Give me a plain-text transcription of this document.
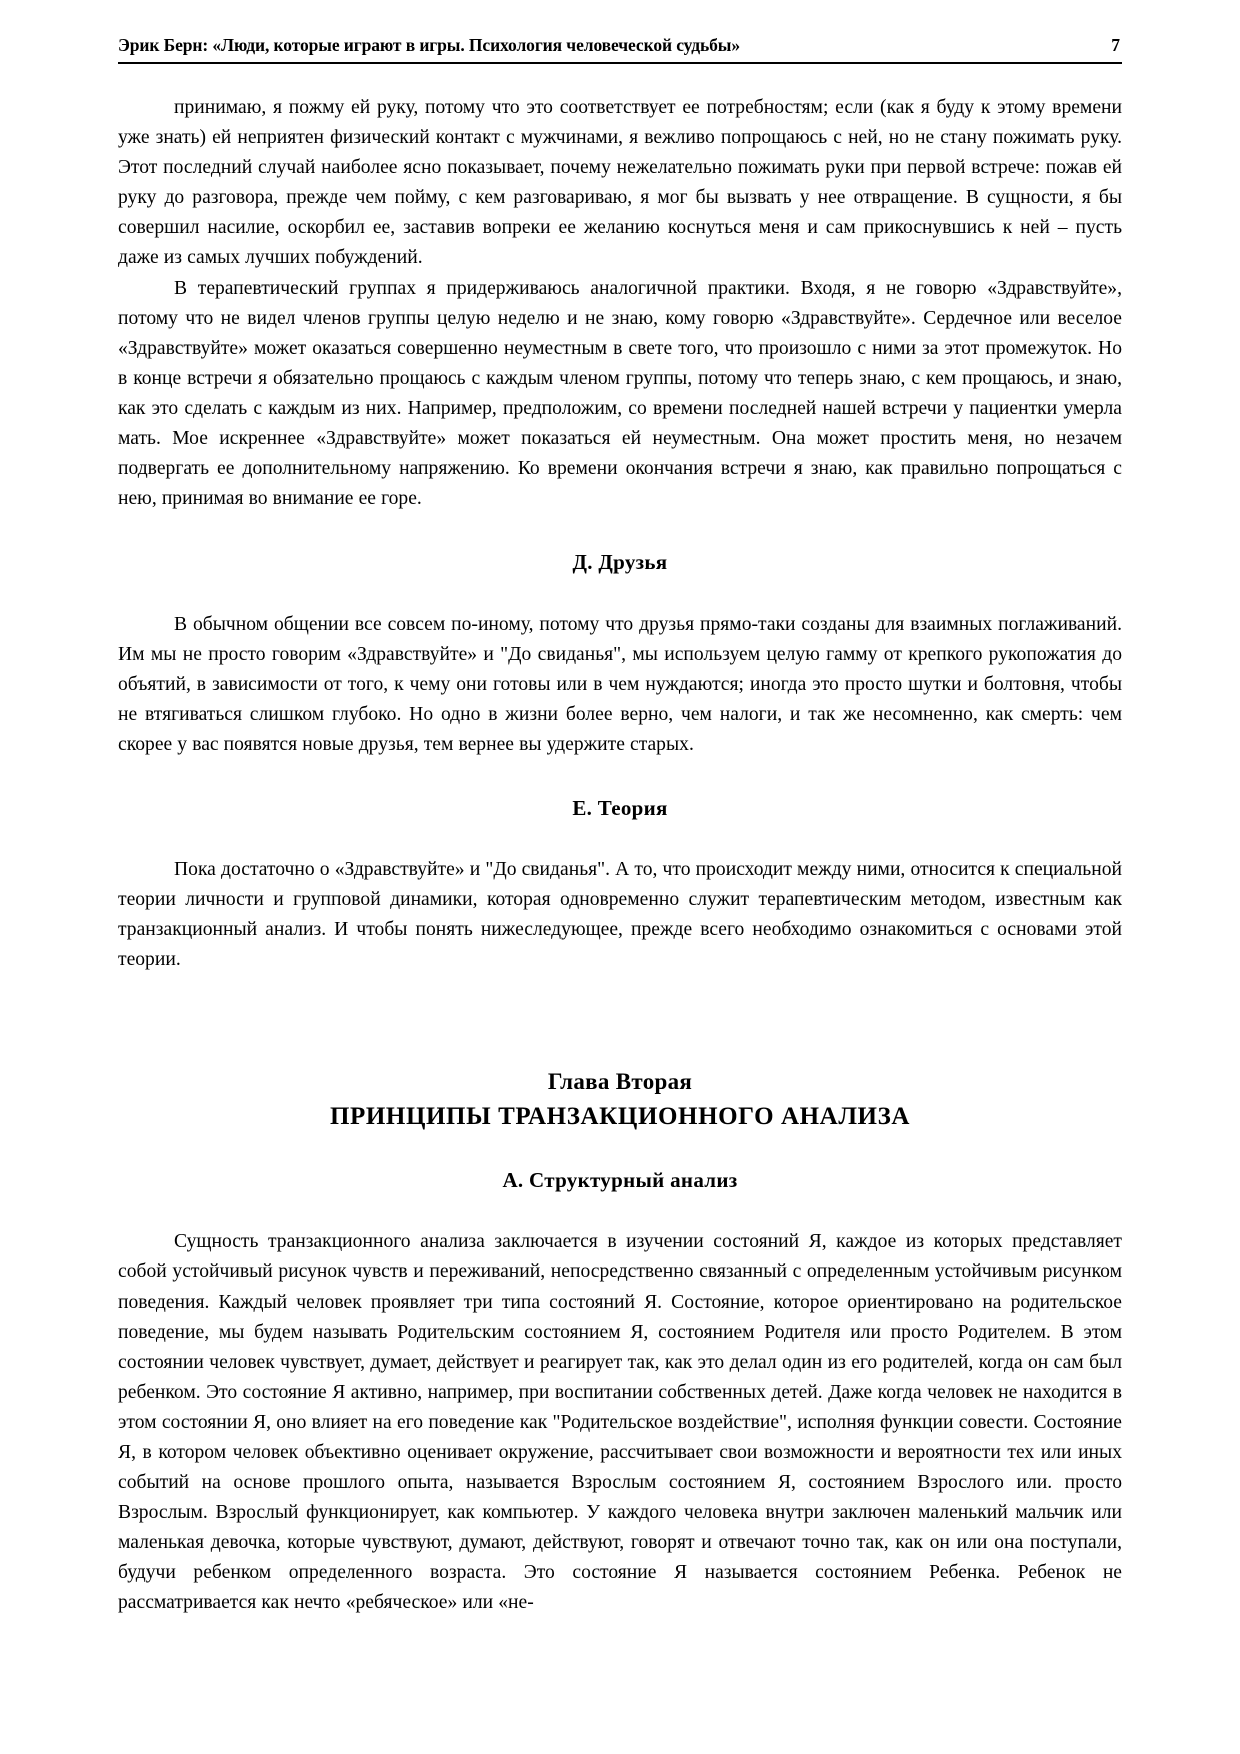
Эрик Берн: «Люди, которые играют в игры. Психология человеческой судьбы»	7

принимаю, я пожму ей руку, потому что это соответствует ее потребностям; если (как я буду к этому времени уже знать) ей неприятен физический контакт с мужчинами, я вежливо попрощаюсь с ней, но не стану пожимать руку. Этот последний случай наиболее ясно показывает, почему нежелательно пожимать руки при первой встрече: пожав ей руку до разговора, прежде чем пойму, с кем разговариваю, я мог бы вызвать у нее отвращение. В сущности, я бы совершил насилие, оскорбил ее, заставив вопреки ее желанию коснуться меня и сам прикоснувшись к ней – пусть даже из самых лучших побуждений.

В терапевтический группах я придерживаюсь аналогичной практики. Входя, я не говорю «Здравствуйте», потому что не видел членов группы целую неделю и не знаю, кому говорю «Здравствуйте». Сердечное или веселое «Здравствуйте» может оказаться совершенно неуместным в свете того, что произошло с ними за этот промежуток. Но в конце встречи я обязательно прощаюсь с каждым членом группы, потому что теперь знаю, с кем прощаюсь, и знаю, как это сделать с каждым из них. Например, предположим, со времени последней нашей встречи у пациентки умерла мать. Мое искреннее «Здравствуйте» может показаться ей неуместным. Она может простить меня, но незачем подвергать ее дополнительному напряжению. Ко времени окончания встречи я знаю, как правильно попрощаться с нею, принимая во внимание ее горе.

Д. Друзья

В обычном общении все совсем по-иному, потому что друзья прямо-таки созданы для взаимных поглаживаний. Им мы не просто говорим «Здравствуйте» и "До свиданья", мы используем целую гамму от крепкого рукопожатия до объятий, в зависимости от того, к чему они готовы или в чем нуждаются; иногда это просто шутки и болтовня, чтобы не втягиваться слишком глубоко. Но одно в жизни более верно, чем налоги, и так же несомненно, как смерть: чем скорее у вас появятся новые друзья, тем вернее вы удержите старых.

Е. Теория

Пока достаточно о «Здравствуйте» и "До свиданья". А то, что происходит между ними, относится к специальной теории личности и групповой динамики, которая одновременно служит терапевтическим методом, известным как транзакционный анализ. И чтобы понять нижеследующее, прежде всего необходимо ознакомиться с основами этой теории.

Глава Вторая
ПРИНЦИПЫ ТРАНЗАКЦИОННОГО АНАЛИЗА
А. Структурный анализ

Сущность транзакционного анализа заключается в изучении состояний Я, каждое из которых представляет собой устойчивый рисунок чувств и переживаний, непосредственно связанный с определенным устойчивым рисунком поведения. Каждый человек проявляет три типа состояний Я. Состояние, которое ориентировано на родительское поведение, мы будем называть Родительским состоянием Я, состоянием Родителя или просто Родителем. В этом состоянии человек чувствует, думает, действует и реагирует так, как это делал один из его родителей, когда он сам был ребенком. Это состояние Я активно, например, при воспитании собственных детей. Даже когда человек не находится в этом состоянии Я, оно влияет на его поведение как "Родительское воздействие", исполняя функции совести. Состояние Я, в котором человек объективно оценивает окружение, рассчитывает свои возможности и вероятности тех или иных событий на основе прошлого опыта, называется Взрослым состоянием Я, состоянием Взрослого или. просто Взрослым. Взрослый функционирует, как компьютер. У каждого человека внутри заключен маленький мальчик или маленькая девочка, которые чувствуют, думают, действуют, говорят и отвечают точно так, как он или она поступали, будучи ребенком определенного возраста. Это состояние Я называется состоянием Ребенка. Ребенок не рассматривается как нечто «ребяческое» или «не-
